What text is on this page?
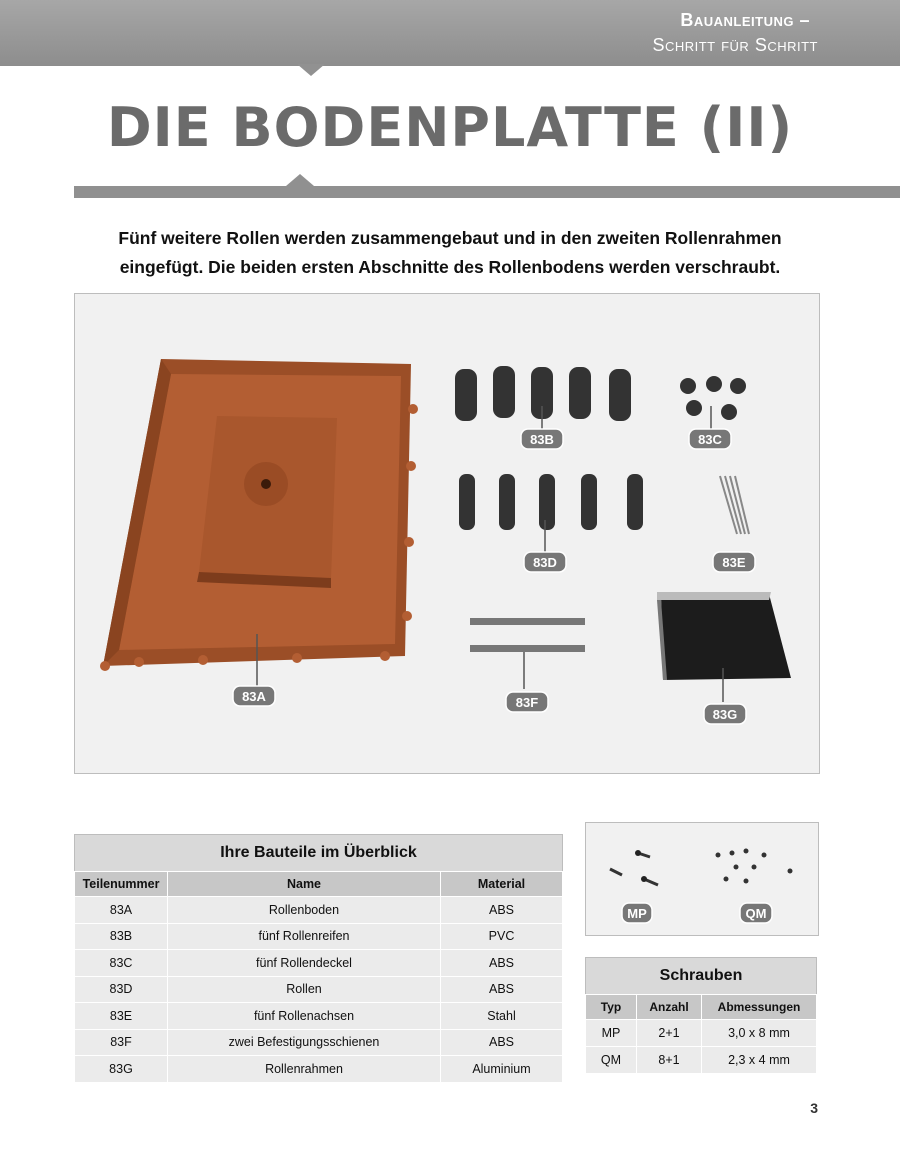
Bauanleitung –
Schritt für Schritt
DIE BODENPLATTE (II)
Fünf weitere Rollen werden zusammengebaut und in den zweiten Rollenrahmen
eingefügt. Die beiden ersten Abschnitte des Rollenbodens werden verschraubt.
83A
83B	83C
83D	83E
83F
83G
Ihre Bauteile im Überblick		
Teilenummer	Name	Material
83A	Rollenboden	ABS
83B	fünf Rollenreifen	PVC
83C	fünf Rollendeckel	ABS
83D	Rollen	ABS
83E	fünf Rollenachsen	Stahl
83F	zwei Befestigungsschienen	ABS
83G	Rollenrahmen	Aluminium
MP	QM
Schrauben		
Typ	Anzahl	Abmessungen
MP	2+1	3,0 x 8 mm
QM	8+1	2,3 x 4 mm
3
